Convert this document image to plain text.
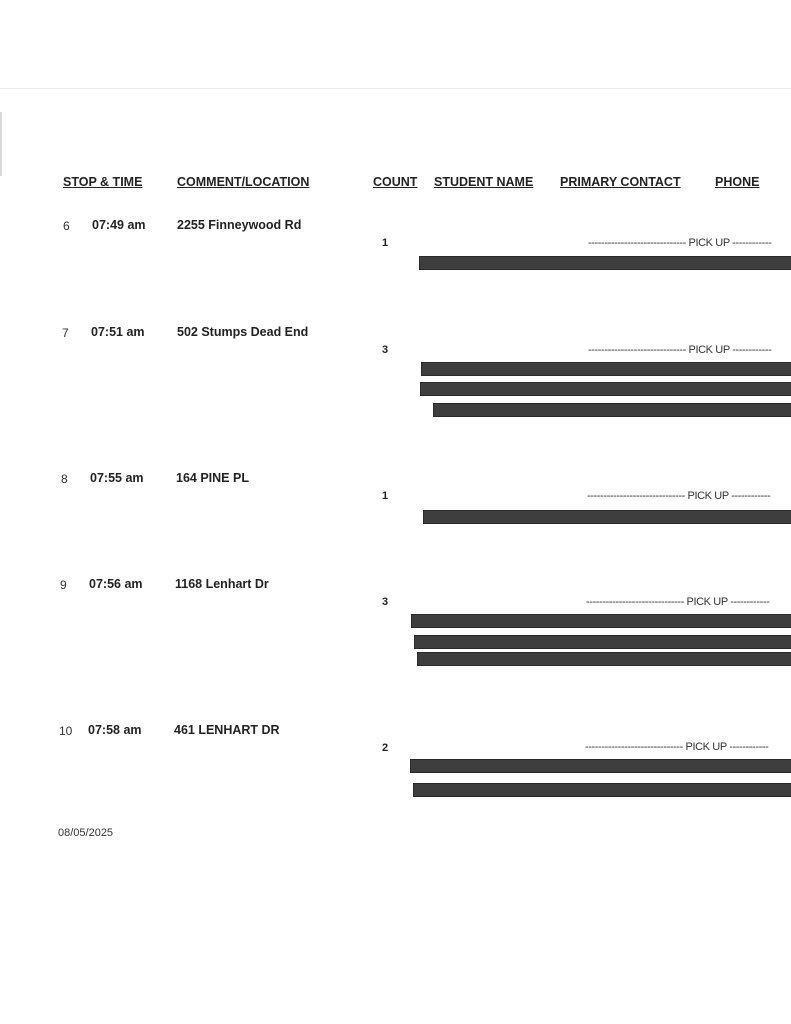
STOP & TIME	COMMENT/LOCATION	COUNT STUDENT NAME PRIMARY CONTACT	PHONE
6 07:49 am	2255 Finneywood Rd
1	------------------------------ PICK UP ------------
7 07:51 am	502 Stumps Dead End
3	------------------------------ PICK UP ------------
8 07:55 am	164 PINE PL
1	------------------------------ PICK UP ------------
9 07:56 am	1168 Lenhart Dr
3	------------------------------ PICK UP ------------
10 07:58 am	461 LENHART DR
2	------------------------------ PICK UP ------------
08/05/2025
